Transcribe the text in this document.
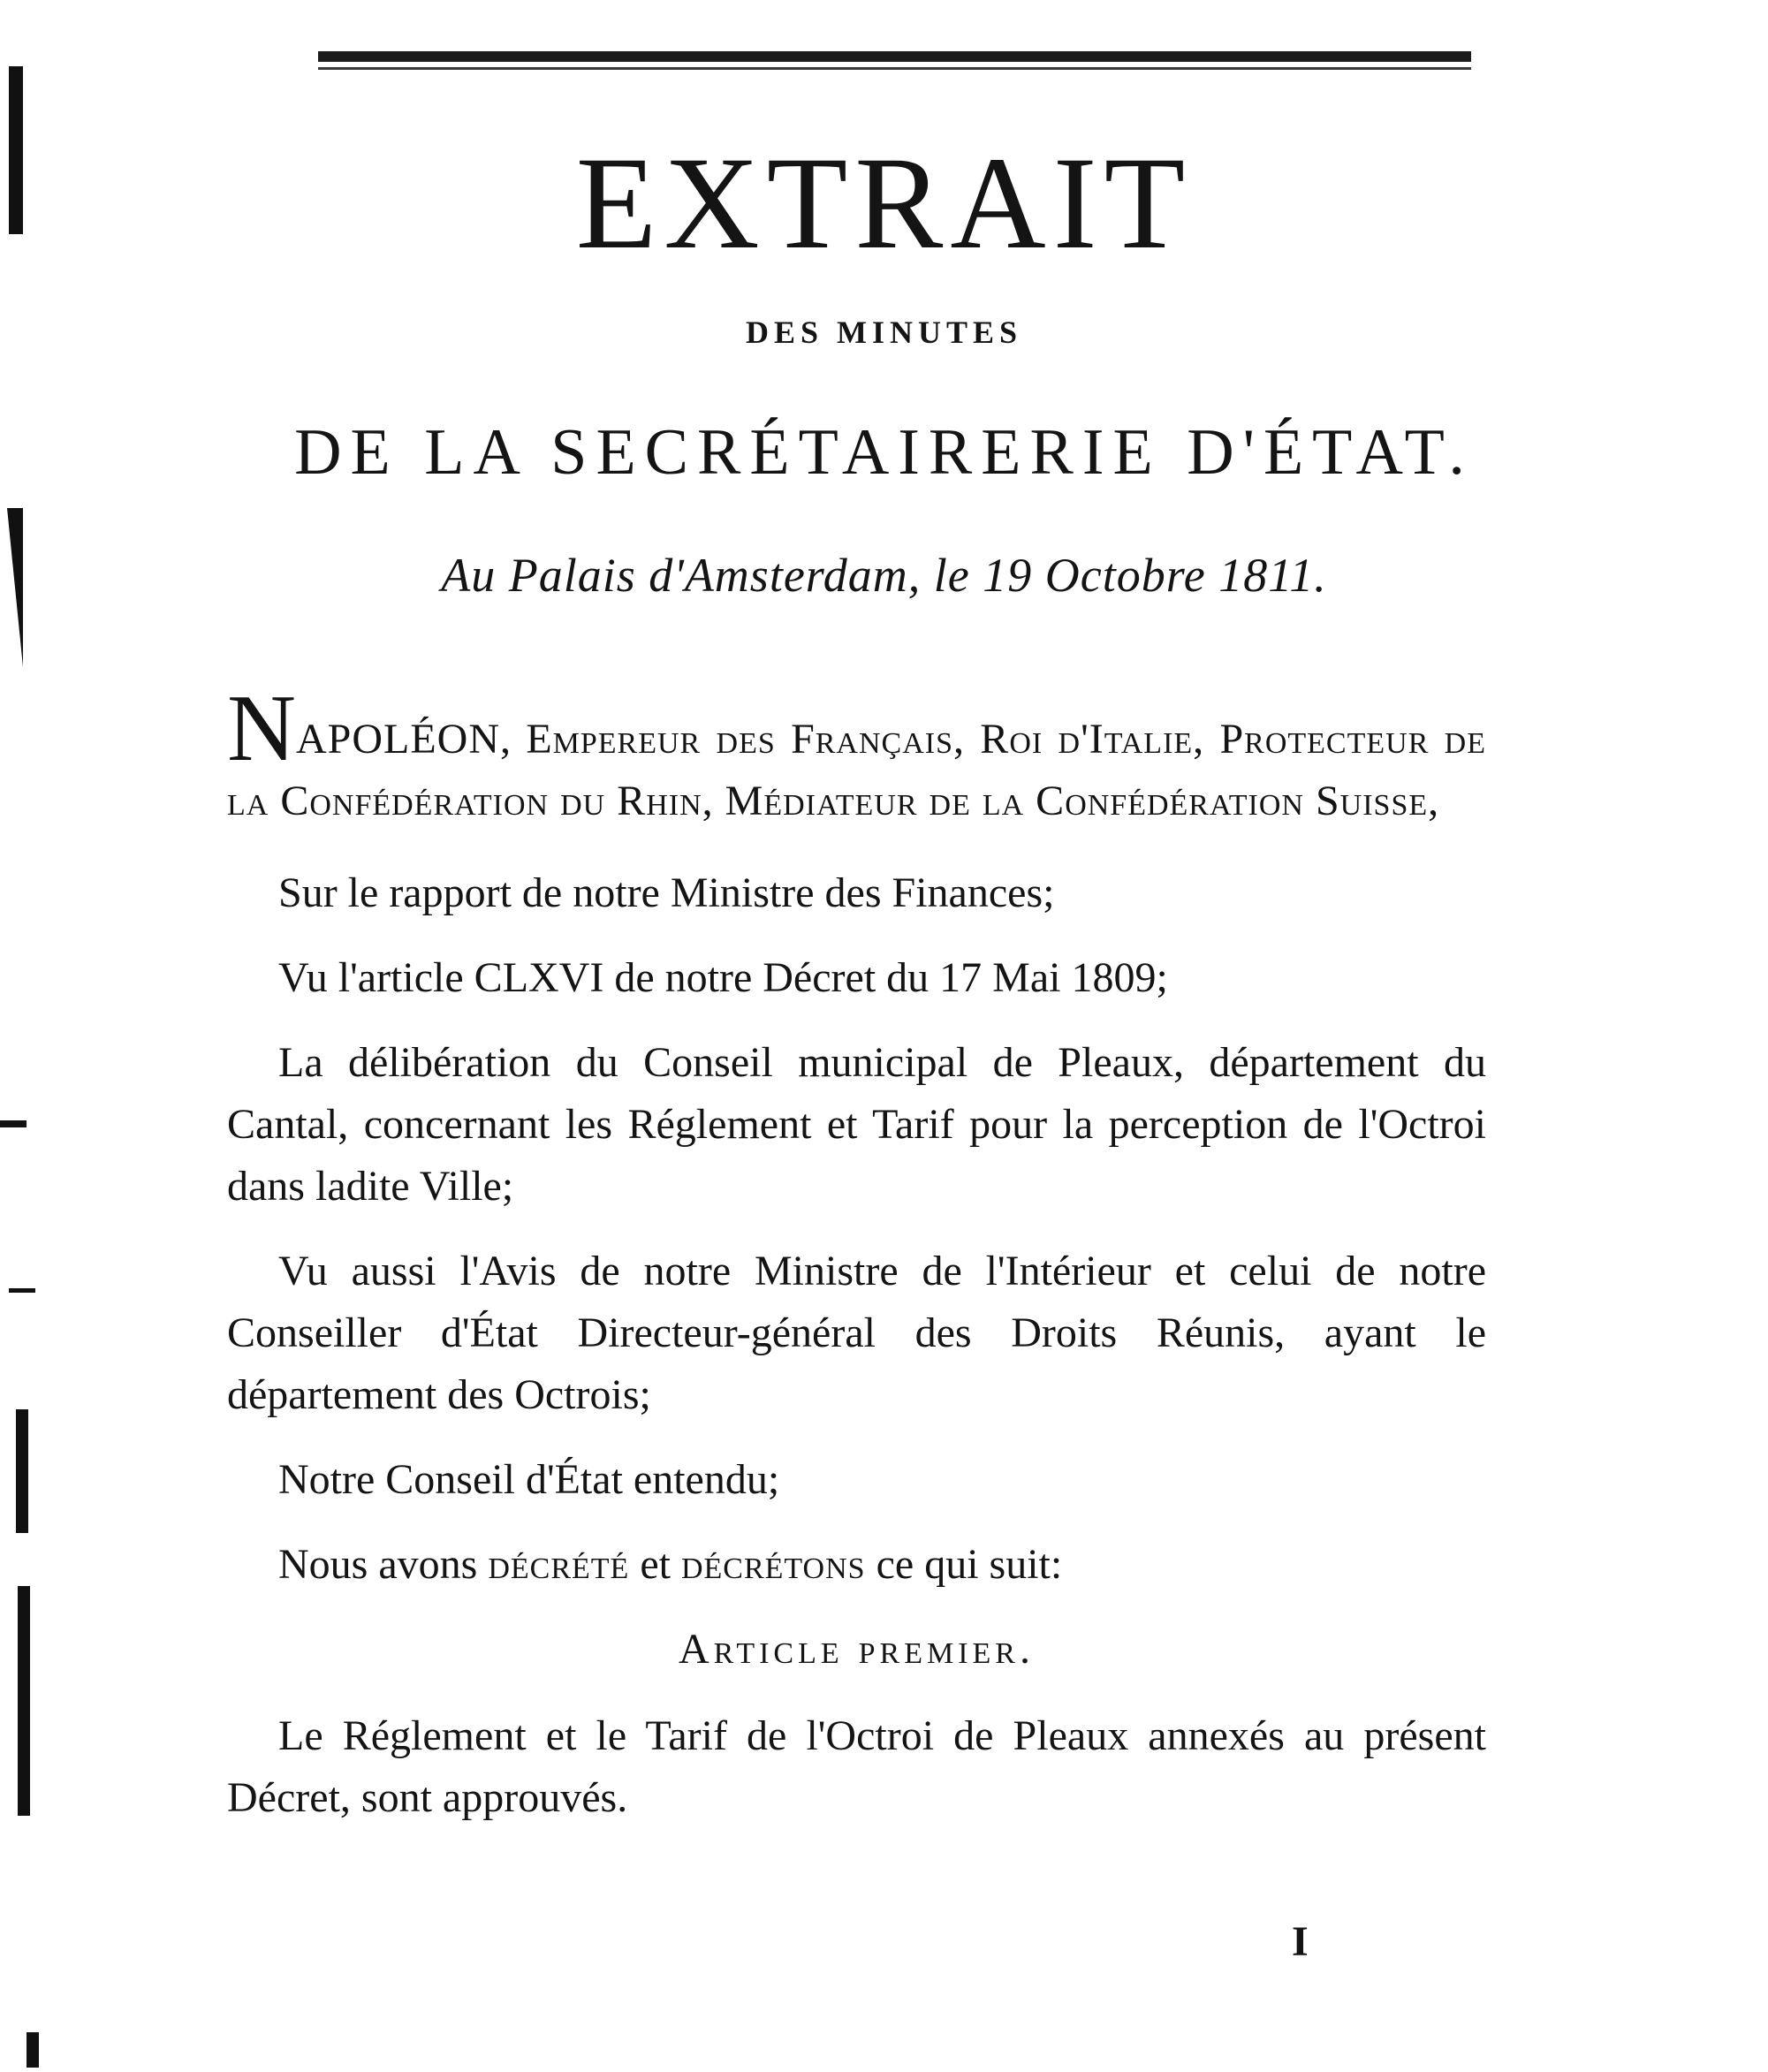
EXTRAIT
DES MINUTES
DE LA SECRÉTAIRERIE D'ÉTAT.
Au Palais d'Amsterdam, le 19 Octobre 1811.

NAPOLÉON, Empereur des Français, Roi d'Italie, Protecteur de la Confédération du Rhin, Médiateur de la Confédération Suisse,

Sur le rapport de notre Ministre des Finances;

Vu l'article CLXVI de notre Décret du 17 Mai 1809;

La délibération du Conseil municipal de Pleaux, département du Cantal, concernant les Réglement et Tarif pour la perception de l'Octroi dans ladite Ville;

Vu aussi l'Avis de notre Ministre de l'Intérieur et celui de notre Conseiller d'État Directeur-général des Droits Réunis, ayant le département des Octrois;

Notre Conseil d'État entendu;

Nous avons décrété et décrétons ce qui suit:

Article premier.

Le Réglement et le Tarif de l'Octroi de Pleaux annexés au présent Décret, sont approuvés.

I
